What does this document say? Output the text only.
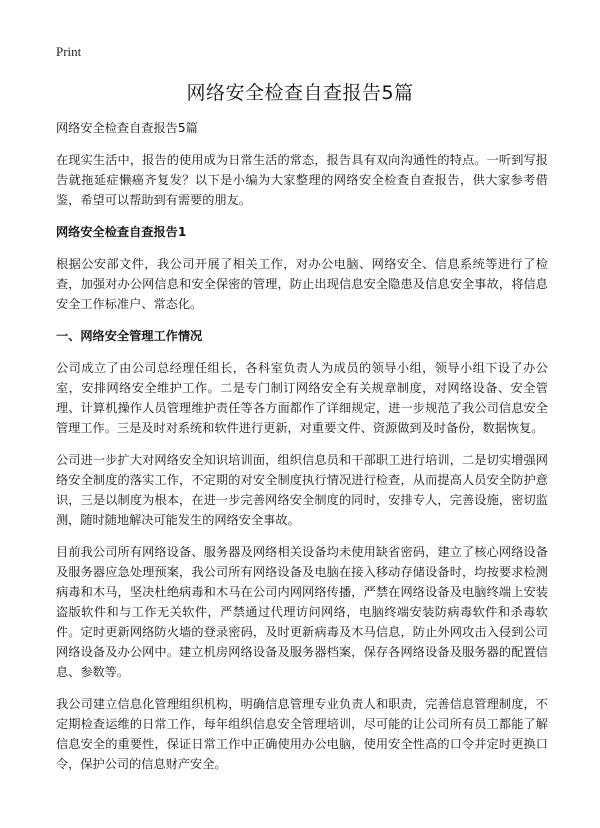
Print
网络安全检查自查报告5篇

网络安全检查自查报告5篇

在现实生活中，报告的使用成为日常生活的常态，报告具有双向沟通性的特点。一听到写报告就拖延症懒癌齐复发？以下是小编为大家整理的网络安全检查自查报告，供大家参考借鉴，希望可以帮助到有需要的朋友。

网络安全检查自查报告1

根据公安部文件，我公司开展了相关工作，对办公电脑、网络安全、信息系统等进行了检查，加强对办公网信息和安全保密的管理，防止出现信息安全隐患及信息安全事故，将信息安全工作标准户、常态化。

一、网络安全管理工作情况

公司成立了由公司总经理任组长，各科室负责人为成员的领导小组，领导小组下设了办公室，安排网络安全维护工作。二是专门制订网络安全有关规章制度，对网络设备、安全管理、计算机操作人员管理维护责任等各方面都作了详细规定，进一步规范了我公司信息安全管理工作。三是及时对系统和软件进行更新，对重要文件、资源做到及时备份，数据恢复。

公司进一步扩大对网络安全知识培训面，组织信息员和干部职工进行培训，二是切实增强网络安全制度的落实工作，不定期的对安全制度执行情况进行检查，从而提高人员安全防护意识，三是以制度为根本，在进一步完善网络安全制度的同时，安排专人，完善设施，密切监测，随时随地解决可能发生的网络安全事故。

目前我公司所有网络设备、服务器及网络相关设备均未使用缺省密码，建立了核心网络设备及服务器应急处理预案，我公司所有网络设备及电脑在接入移动存储设备时，均按要求检测病毒和木马，坚决杜绝病毒和木马在公司内网网络传播，严禁在网络设备及电脑终端上安装盗版软件和与工作无关软件，严禁通过代理访问网络，电脑终端安装防病毒软件和杀毒软件。定时更新网络防火墙的登录密码，及时更新病毒及木马信息，防止外网攻击入侵到公司网络设备及办公网中。建立机房网络设备及服务器档案，保存各网络设备及服务器的配置信息、参数等。

我公司建立信息化管理组织机构，明确信息管理专业负责人和职责，完善信息管理制度，不定期检查运维的日常工作，每年组织信息安全管理培训，尽可能的让公司所有员工都能了解信息安全的重要性，保证日常工作中正确使用办公电脑，使用安全性高的口令并定时更换口令，保护公司的信息财产安全。
